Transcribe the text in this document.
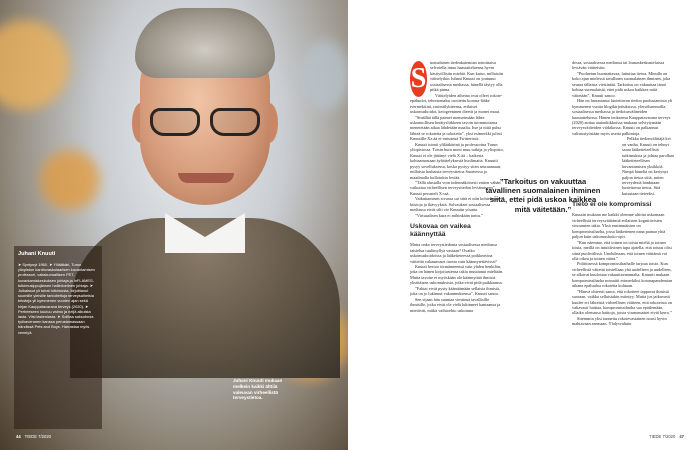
Juhani Knuuti

➤ Syntynyt 1960. ➤ Ylilääkäri, Turun yliopiston kardiovaskulaarisen kuvantamisen professori, valtakunnallisen PET-kuvantamiskeskuksen johtaja ja InFLAMES-tutkimusippujänsen hallintoelinen johtaja. ➤ Julkaissut yli tuhat tutkimusta, kirjoittanut suomiile yleisille tarkoitettuja terveysaiheisia teksteja yli kymmenen vuoden ajan sekä kirjan Kauppatavarana terveys (2020). ➤ Perheeseen kuuluu vaimo ja neljä aikuista lasta. Viisi lastenlasta. ➤ Soittaa saksofonia työkaveranen kanssa perustamassaan bändissä Pets and Boys. Harrastaa myös venelyä.

Juhani Knuuti mukaan melkein kaikki älttiiä valeuvan virheellistä terveystietoa.
44 TIEDE 7/2020
S

uomalaisen tiedeakatemian toimittaisa selvotella intuu haastatteluensa hyvin käsityöllisiin miehiä. Kun katso, millaisiin väittelyihin Juhani Knuuti on joutunut sosiaalisessa mediassa, hänellä täytyy olla pitkä pinna.

Väittelyiden aiheina ovat olleet rokote-epäluulot, tehottomaksi osoitettu korona-lääke ivermektiini, rasiintilyhteensa, erilaiset uskomushoidot, ketogeeninen dieetti ja monet muut.

”Sinällää tällä paimet mensetmään lähes uskonnollisen herätysliikkeen tavoin tuommoisena menetetään aikaa lähdetään maalia. Itse ja niitä puhu lähteä se rokotetta ja rokotetta”, yksi esimerkki julisti Knuutille Xz:ää et-ontuseuá Twitterissä.

Knuuti toimii ylilääkärinä ja professorina Turun yliopistossa. Toisin kuin moni muu tutkija ja yliopisto, Knuuti ei ole jättänyt vielä X:ää – kaikesta kohtaamastaan äyhöttelyksestä huolimatta. Knuutti pysyy sovelluksessa, koska pystyy siten seuraamaan, millaista harhaista terveystietoa Suomessa ja maailmalla kulloinkin leviää.

”Tällä alustalla voin todennäköisesti eniten vähän vaikuttaa virheellisen terveystiedon leviämiseen”, Knuuti perustelt X:ssä.

Vaikuttamisen sivussa sai siitä ei niin kohteliaana kiistoja ja ikävyyksiä. Solvaukset sosiaalisessa mediassa eivät silti vie Knuutin yöunia.

”Virtuaalisen kura ei mihinkään tarttu.”

Uskovaa on vaikea käännyttää

Mutta onko terveystiedonta sosiaalisessa mediassa taistelua tuulimyllyä vastaan? Ovatko uskomushoidoissa ja lääketieteessä poikkeavina väitteitä vakaumuset tuosta vain käännytettävissä?

Knuuti kertoo törmänneensä vain yhden henkilön, joka on hänen kirjoitustensa takia muuttanut mieltään. Mutta tavoite ei myöskään ole käännyttää ihmisiä yksittäisen uskomuksista, jotka eivät pidä paikkaansa.

”Faktat eivät pysty käänttämään sellaisia ihmisiä, joka on jo lukinnut vakaumuksensa”, Knuuti sanoo.

Sen sijaan hän suuntaa viestinsä tavallisille ihmisille, jotka eivät ole vielä lukinneet kantaansa ja miettivät, mitkä vaihtoehto uskotuna

”Tarkoitus on vakuuttaa tavallinen suomalainen ihminen siitä, ettei pidä uskoa kaikkea mitä väitetään.”

dessa, sosiaalisessa mediassa tai lounaskeskusteluissa leviävän väitteisiin.

”Puoluetun huomattavaa, luttuttaa tietoa. Minulla on koko ajan mielessä tavallinen suomalainen ihminen, joka seuraa tällaista viestintää. Tarkoitus on vakuuttaa tämä kohtaa suomalaisiä, ettei pidä uskoa kaikkea mitä väitetään”, Knuuti sanoo.

Hän on harrastanut luotettavan tiedon puolustamista yli kymmenen vuotta blogikirjoituksissa, yleisöluennoilla, sosiaalisessa mediassa ja tiedotusvälineiden haastatteluissa. Hänen teoksensa Kauppatavarana terveys (2020) auttaa aiatonkikkoissa mukaan selviytymään terveysväitteiden viidakossa. Knuuti on palkannut valistustyöstään myös useita palkintoja.

Pelkka tiedonvälittäjä kei on vanha. Knuuti on tehnyt saraa lääketieteellisiä tutkimuksia ja johtaa parolkaa lääketieteellisen kuvantamisen yksikköä. Nimpä häneltä on kertynyt paljon tietoa siitä, miten terveydestä hankitaan luotettavaa tietoa. Sitä kutsutaan tieteeksi.

Tieto ei ole kompromissi

Knuutin mukaan me kaikki olemme alttiita uskomaan virheellisiä terveysväittämiä erilaisten kognitiivisten vinoumien takia. Yksä ensimmäisten on kompromissiharha, jossa lääketienen nana painaa yhtä paljon kuin uskomushoito-opit.

”Kun näemme, että toinen on toista mieltä ja toinen toista, meillä on intuitiivinen tapa ajatella, että totuus olisi siinä puolivälissä. Unohdetaan, että toinen väittämä voi olla oikea ja toinen väärä.”

Poliittisessä kompromissiharhalle tarjoaa toisto. Kun virheellistä väitettä toistellaan yhä uudelleen ja uudelleen, se alkavat kuulostaa vakuuttavammalta. Knuutti mukaan kompromissiharha noinaitit esimerkiksi koronapandemian aikana epäluuloa rokotetta kohtaan.

”Hänvä ohieesti sanot, että rokotteet tappavat ihmisiä suoraan, vaikka sellaistakin esiintyy. Mutta jos jatkuvasti kuulee eri lähteistä virheellisen väitteen, että rokoteista on valtavasti haittaa, kompromissiharha saa epäilemään, ollaiko olemassa haittoja, joista viranomaiset eivät kerro.”

Sitemmin yksi tunnettu rokotevastainen nousi hyvin mahtavaan asemaan. Yhdysvaltain

TIEDE 7/2020 47
